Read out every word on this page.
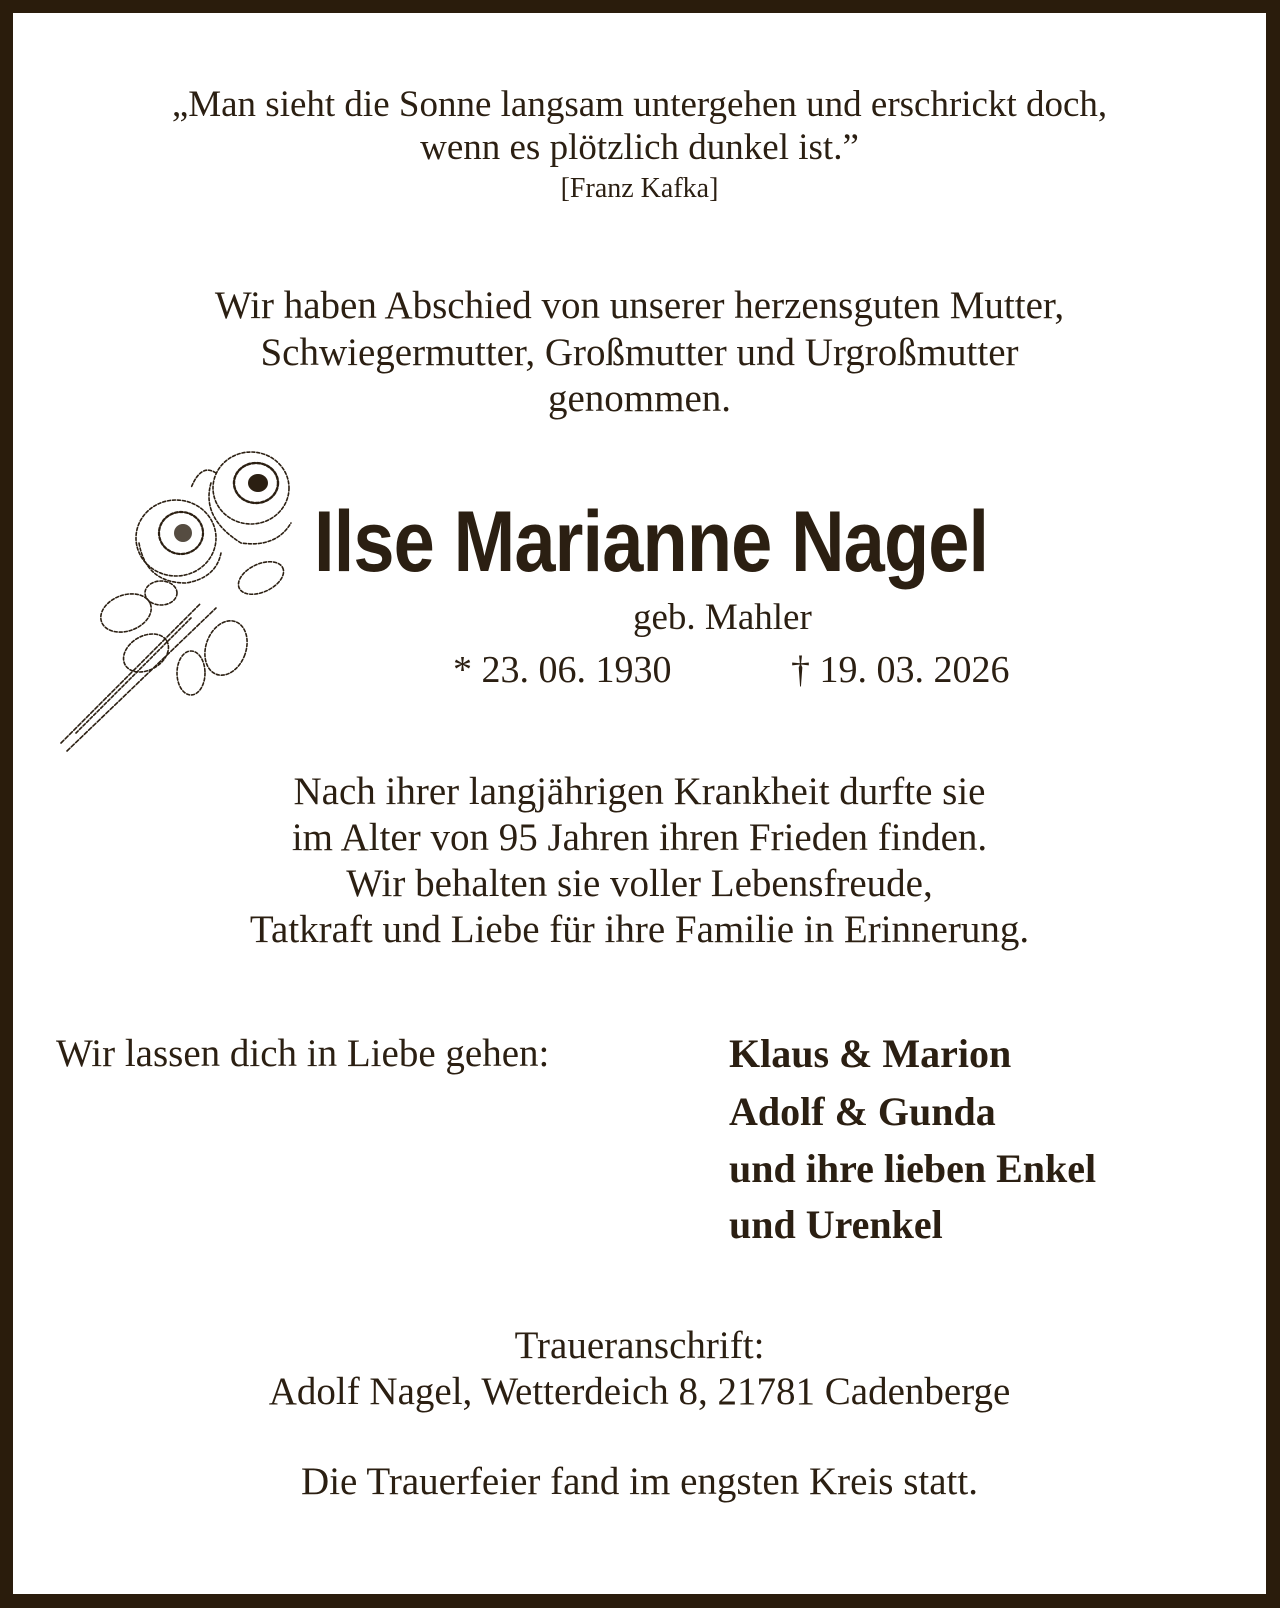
„Man sieht die Sonne langsam untergehen und erschrickt doch,
wenn es plötzlich dunkel ist.”
[Franz Kafka]
Wir haben Abschied von unserer herzensguten Mutter,
Schwiegermutter, Großmutter und Urgroßmutter
genommen.
Ilse Marianne Nagel
geb. Mahler
* 23. 06. 1930	† 19. 03. 2026
Nach ihrer langjährigen Krankheit durfte sie
im Alter von 95 Jahren ihren Frieden finden.
Wir behalten sie voller Lebensfreude,
Tatkraft und Liebe für ihre Familie in Erinnerung.
Wir lassen dich in Liebe gehen:	Klaus & Marion
Adolf & Gunda
und ihre lieben Enkel
und Urenkel
Traueranschrift:
Adolf Nagel, Wetterdeich 8, 21781 Cadenberge
Die Trauerfeier fand im engsten Kreis statt.
